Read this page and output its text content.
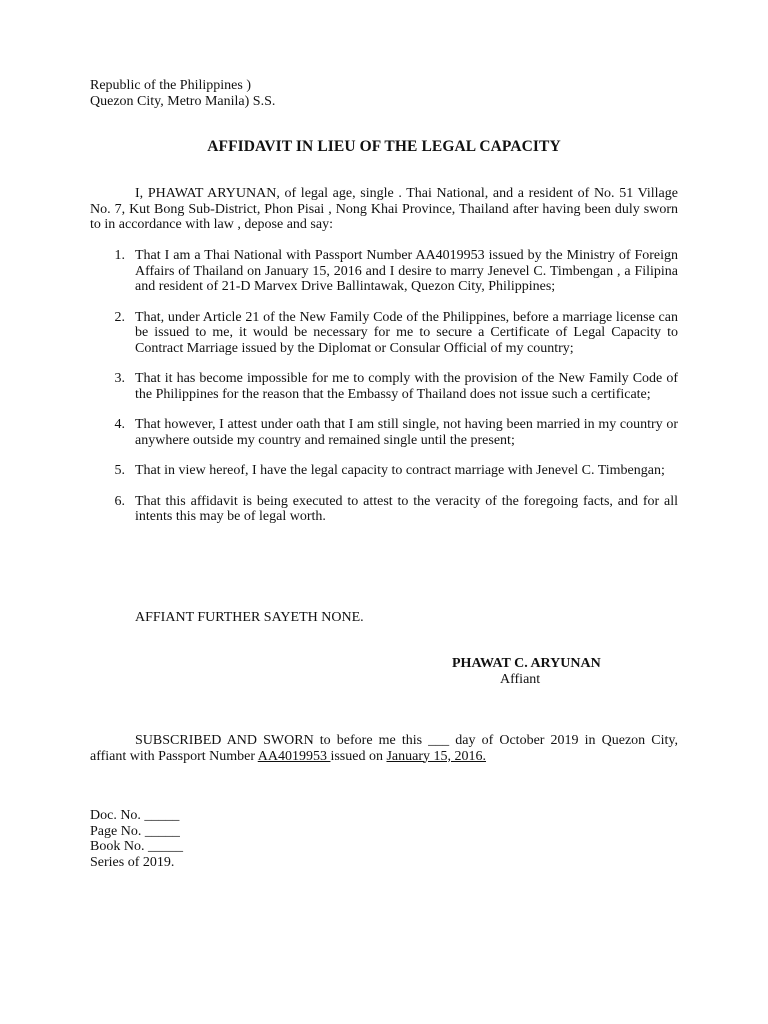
Republic of the Philippines )
Quezon City, Metro Manila) S.S.
AFFIDAVIT IN LIEU OF THE LEGAL CAPACITY
I, PHAWAT ARYUNAN, of legal age, single . Thai National, and a resident of No. 51 Village No. 7, Kut Bong Sub-District, Phon Pisai , Nong Khai Province, Thailand after having been duly sworn to in accordance with law , depose and say:
1. That I am a Thai National with Passport Number AA4019953 issued by the Ministry of Foreign Affairs of Thailand on January 15, 2016 and I desire to marry Jenevel C. Timbengan , a Filipina and resident of 21-D Marvex Drive Ballintawak, Quezon City, Philippines;
2. That, under Article 21 of the New Family Code of the Philippines, before a marriage license can be issued to me, it would be necessary for me to secure a Certificate of Legal Capacity to Contract Marriage issued by the Diplomat or Consular Official of my country;
3. That it has become impossible for me to comply with the provision of the New Family Code of the Philippines for the reason that the Embassy of Thailand does not issue such a certificate;
4. That however, I attest under oath that I am still single, not having been married in my country or anywhere outside my country and remained single until the present;
5. That in view hereof, I have the legal capacity to contract marriage with Jenevel C. Timbengan;
6. That this affidavit is being executed to attest to the veracity of the foregoing facts, and for all intents this may be of legal worth.
AFFIANT FURTHER SAYETH NONE.
PHAWAT C. ARYUNAN
Affiant
SUBSCRIBED AND SWORN to before me this ___ day of October 2019 in Quezon City, affiant with Passport Number AA4019953 issued on January 15, 2016.
Doc. No. _____
Page No. _____
Book No. _____
Series of 2019.
